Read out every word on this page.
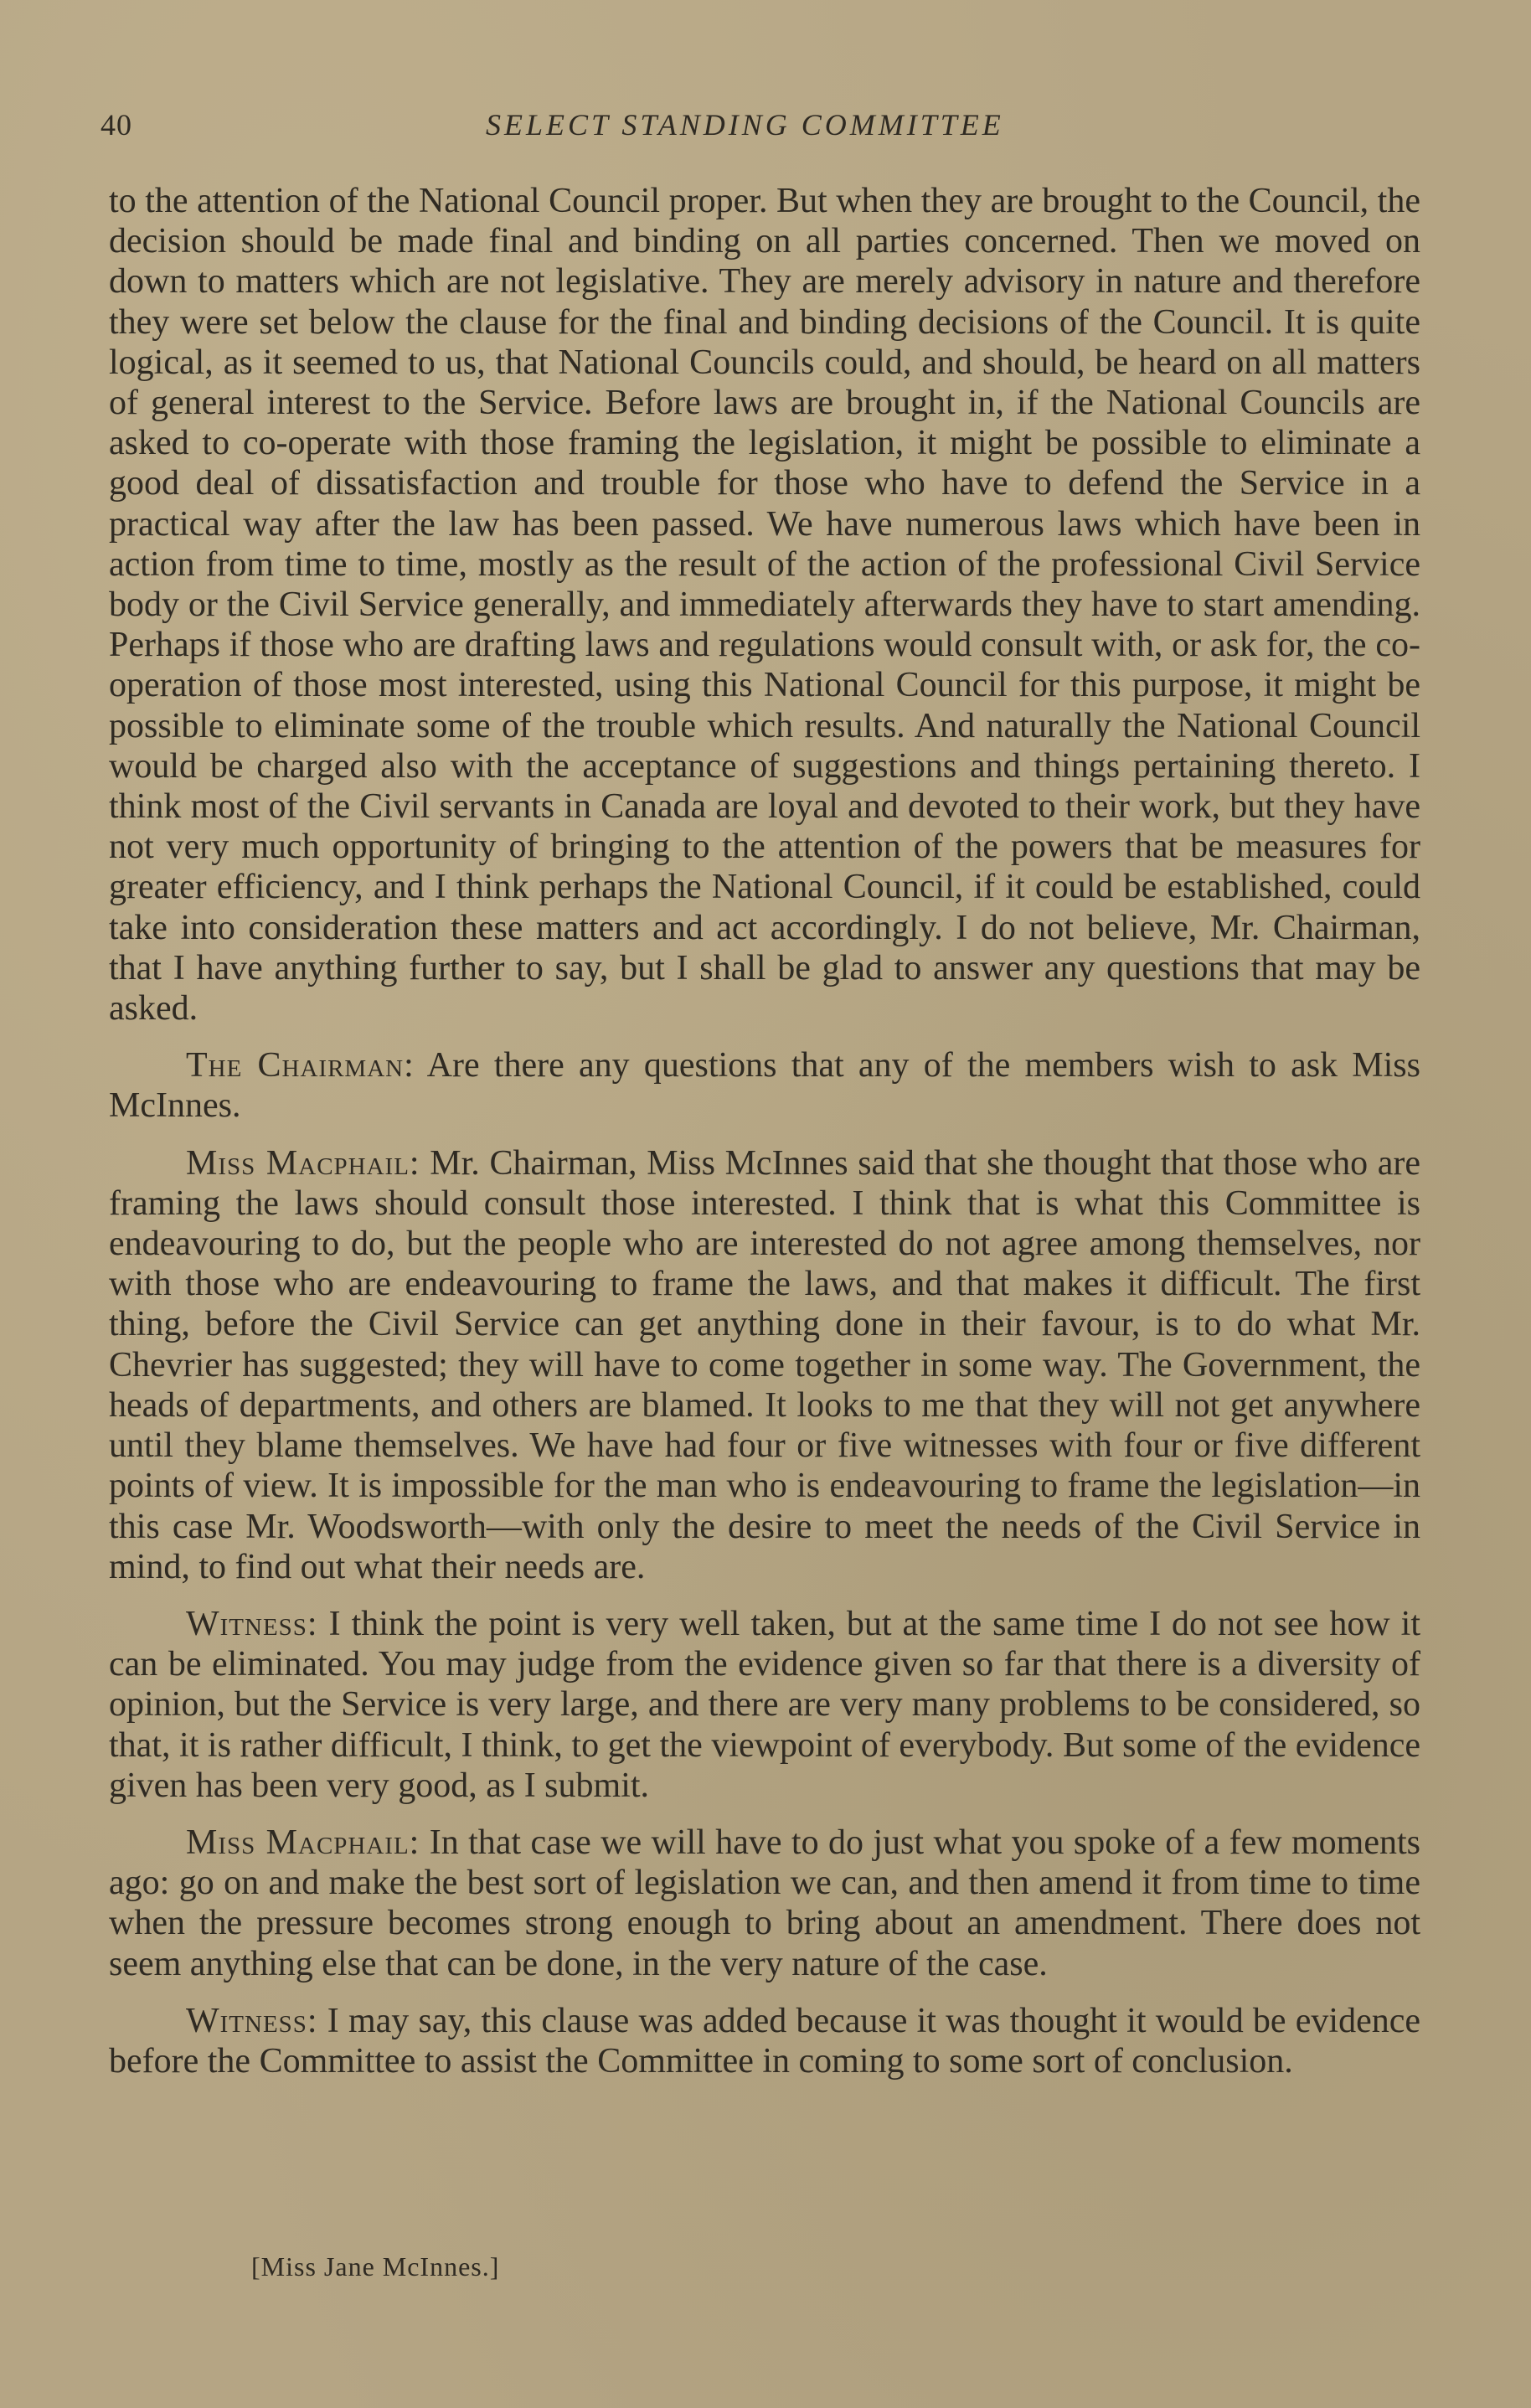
40	SELECT STANDING COMMITTEE

to the attention of the National Council proper. But when they are brought to the Council, the decision should be made final and binding on all parties concerned. Then we moved on down to matters which are not legislative. They are merely advisory in nature and therefore they were set below the clause for the final and binding decisions of the Council. It is quite logical, as it seemed to us, that National Councils could, and should, be heard on all matters of general interest to the Service. Before laws are brought in, if the National Councils are asked to co-operate with those framing the legislation, it might be possible to eliminate a good deal of dissatisfaction and trouble for those who have to defend the Service in a practical way after the law has been passed. We have numerous laws which have been in action from time to time, mostly as the result of the action of the professional Civil Service body or the Civil Service generally, and immediately afterwards they have to start amending. Perhaps if those who are drafting laws and regulations would consult with, or ask for, the co-operation of those most interested, using this National Council for this purpose, it might be possible to eliminate some of the trouble which results. And naturally the National Council would be charged also with the acceptance of suggestions and things pertaining thereto. I think most of the Civil servants in Canada are loyal and devoted to their work, but they have not very much opportunity of bringing to the attention of the powers that be measures for greater efficiency, and I think perhaps the National Council, if it could be established, could take into consideration these matters and act accordingly. I do not believe, Mr. Chairman, that I have anything further to say, but I shall be glad to answer any questions that may be asked.

The Chairman: Are there any questions that any of the members wish to ask Miss McInnes.

Miss Macphail: Mr. Chairman, Miss McInnes said that she thought that those who are framing the laws should consult those interested. I think that is what this Committee is endeavouring to do, but the people who are interested do not agree among themselves, nor with those who are endeavouring to frame the laws, and that makes it difficult. The first thing, before the Civil Service can get anything done in their favour, is to do what Mr. Chevrier has suggested; they will have to come together in some way. The Government, the heads of departments, and others are blamed. It looks to me that they will not get anywhere until they blame themselves. We have had four or five witnesses with four or five different points of view. It is impossible for the man who is endeavouring to frame the legislation—in this case Mr. Woodsworth—with only the desire to meet the needs of the Civil Service in mind, to find out what their needs are.

Witness: I think the point is very well taken, but at the same time I do not see how it can be eliminated. You may judge from the evidence given so far that there is a diversity of opinion, but the Service is very large, and there are very many problems to be considered, so that, it is rather difficult, I think, to get the viewpoint of everybody. But some of the evidence given has been very good, as I submit.

Miss Macphail: In that case we will have to do just what you spoke of a few moments ago: go on and make the best sort of legislation we can, and then amend it from time to time when the pressure becomes strong enough to bring about an amendment. There does not seem anything else that can be done, in the very nature of the case.

Witness: I may say, this clause was added because it was thought it would be evidence before the Committee to assist the Committee in coming to some sort of conclusion.

[Miss Jane McInnes.]
